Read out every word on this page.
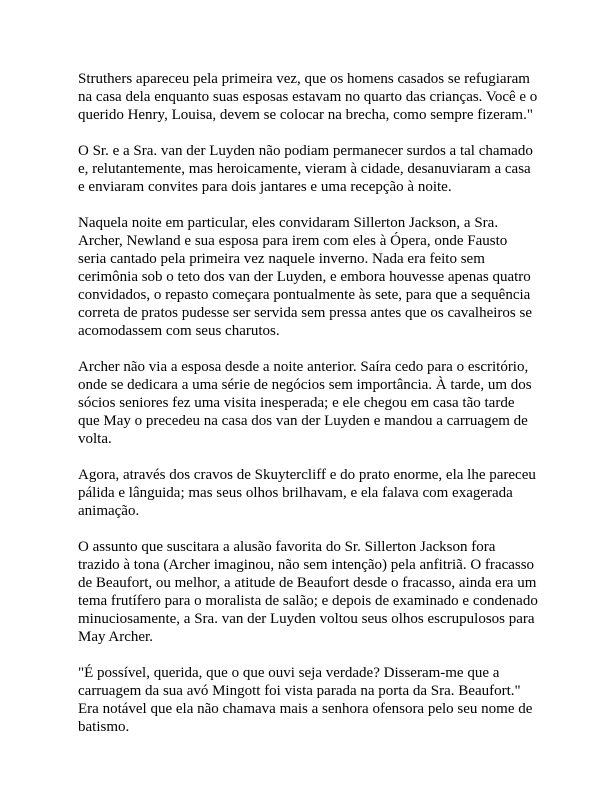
Struthers apareceu pela primeira vez, que os homens casados se refugiaram na casa dela enquanto suas esposas estavam no quarto das crianças. Você e o querido Henry, Louisa, devem se colocar na brecha, como sempre fizeram."

O Sr. e a Sra. van der Luyden não podiam permanecer surdos a tal chamado e, relutantemente, mas heroicamente, vieram à cidade, desanuviaram a casa e enviaram convites para dois jantares e uma recepção à noite.

Naquela noite em particular, eles convidaram Sillerton Jackson, a Sra. Archer, Newland e sua esposa para irem com eles à Ópera, onde Fausto seria cantado pela primeira vez naquele inverno. Nada era feito sem cerimônia sob o teto dos van der Luyden, e embora houvesse apenas quatro convidados, o repasto começara pontualmente às sete, para que a sequência correta de pratos pudesse ser servida sem pressa antes que os cavalheiros se acomodassem com seus charutos.

Archer não via a esposa desde a noite anterior. Saíra cedo para o escritório, onde se dedicara a uma série de negócios sem importância. À tarde, um dos sócios seniores fez uma visita inesperada; e ele chegou em casa tão tarde que May o precedeu na casa dos van der Luyden e mandou a carruagem de volta.

Agora, através dos cravos de Skuytercliff e do prato enorme, ela lhe pareceu pálida e lânguida; mas seus olhos brilhavam, e ela falava com exagerada animação.

O assunto que suscitara a alusão favorita do Sr. Sillerton Jackson fora trazido à tona (Archer imaginou, não sem intenção) pela anfitriã. O fracasso de Beaufort, ou melhor, a atitude de Beaufort desde o fracasso, ainda era um tema frutífero para o moralista de salão; e depois de examinado e condenado minuciosamente, a Sra. van der Luyden voltou seus olhos escrupulosos para May Archer.

"É possível, querida, que o que ouvi seja verdade? Disseram-me que a carruagem da sua avó Mingott foi vista parada na porta da Sra. Beaufort." Era notável que ela não chamava mais a senhora ofensora pelo seu nome de batismo.
